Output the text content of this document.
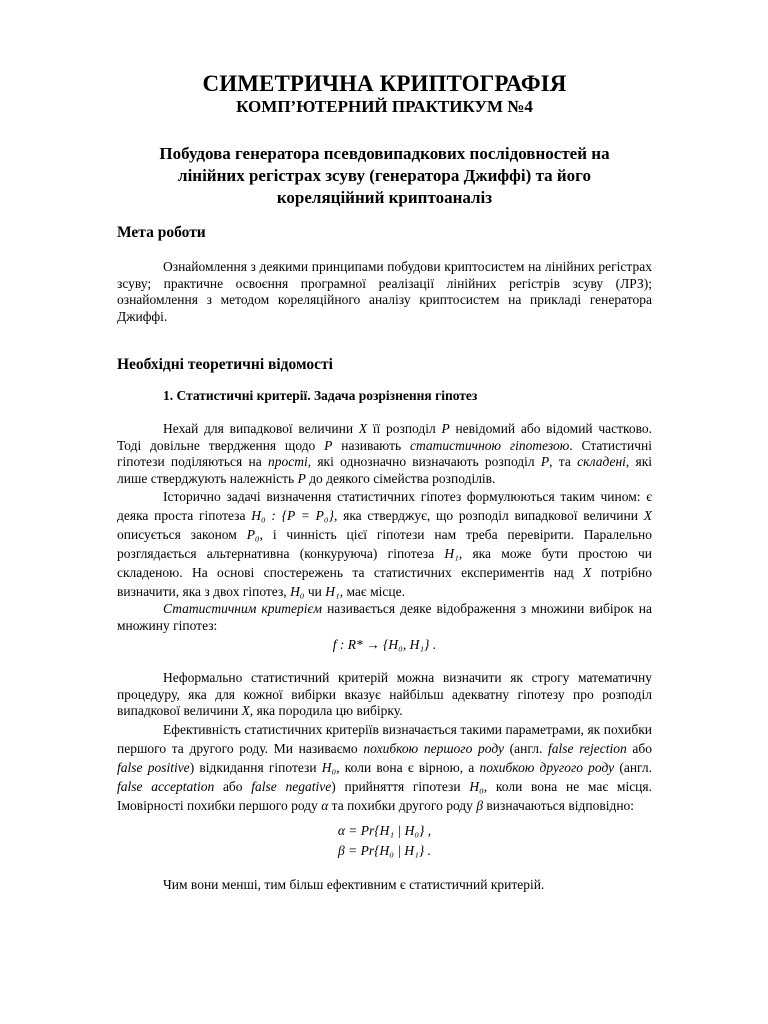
СИМЕТРИЧНА КРИПТОГРАФІЯ
КОМП’ЮТЕРНИЙ ПРАКТИКУМ №4
Побудова генератора псевдовипадкових послідовностей на
лінійних регістрах зсуву (генератора Джиффі) та його
кореляційний криптоаналіз
Мета роботи

Ознайомлення з деякими принципами побудови криптосистем на лінійних регістрах зсуву; практичне освоєння програмної реалізації лінійних регістрів зсуву (ЛРЗ); ознайомлення з методом кореляційного аналізу криптосистем на прикладі генератора Джиффі.

Необхідні теоретичні відомості
1. Статистичні критерії. Задача розрізнення гіпотез

Нехай для випадкової величини X її розподіл P невідомий або відомий частково. Тоді довільне твердження щодо P називають статистичною гіпотезою. Статистичні гіпотези поділяються на прості, які однозначно визначають розподіл P, та складені, які лише стверджують належність P до деякого сімейства розподілів.

Історично задачі визначення статистичних гіпотез формулюються таким чином: є деяка проста гіпотеза H₀ : {P = P₀}, яка стверджує, що розподіл випадкової величини X описується законом P₀, і чинність цієї гіпотези нам треба перевірити. Паралельно розглядається альтернативна (конкуруюча) гіпотеза H₁, яка може бути простою чи складеною. На основі спостережень та статистичних експериментів над X потрібно визначити, яка з двох гіпотез, H₀ чи H₁, має місце.

Статистичним критерієм називається деяке відображення з множини вибірок на множину гіпотез:

f : R* → {H₀, H₁} .

Неформально статистичний критерій можна визначити як строгу математичну процедуру, яка для кожної вибірки вказує найбільш адекватну гіпотезу про розподіл випадкової величини X, яка породила цю вибірку.

Ефективність статистичних критеріїв визначається такими параметрами, як похибки першого та другого роду. Ми називаємо похибкою першого роду (англ. false rejection або false positive) відкидання гіпотези H₀, коли вона є вірною, а похибкою другого роду (англ. false acceptation або false negative) прийняття гіпотези H₀, коли вона не має місця. Імовірності похибки першого роду α та похибки другого роду β визначаються відповідно:

α = Pr{H₁ | H₀} ,
β = Pr{H₀ | H₁} .

Чим вони менші, тим більш ефективним є статистичний критерій.
